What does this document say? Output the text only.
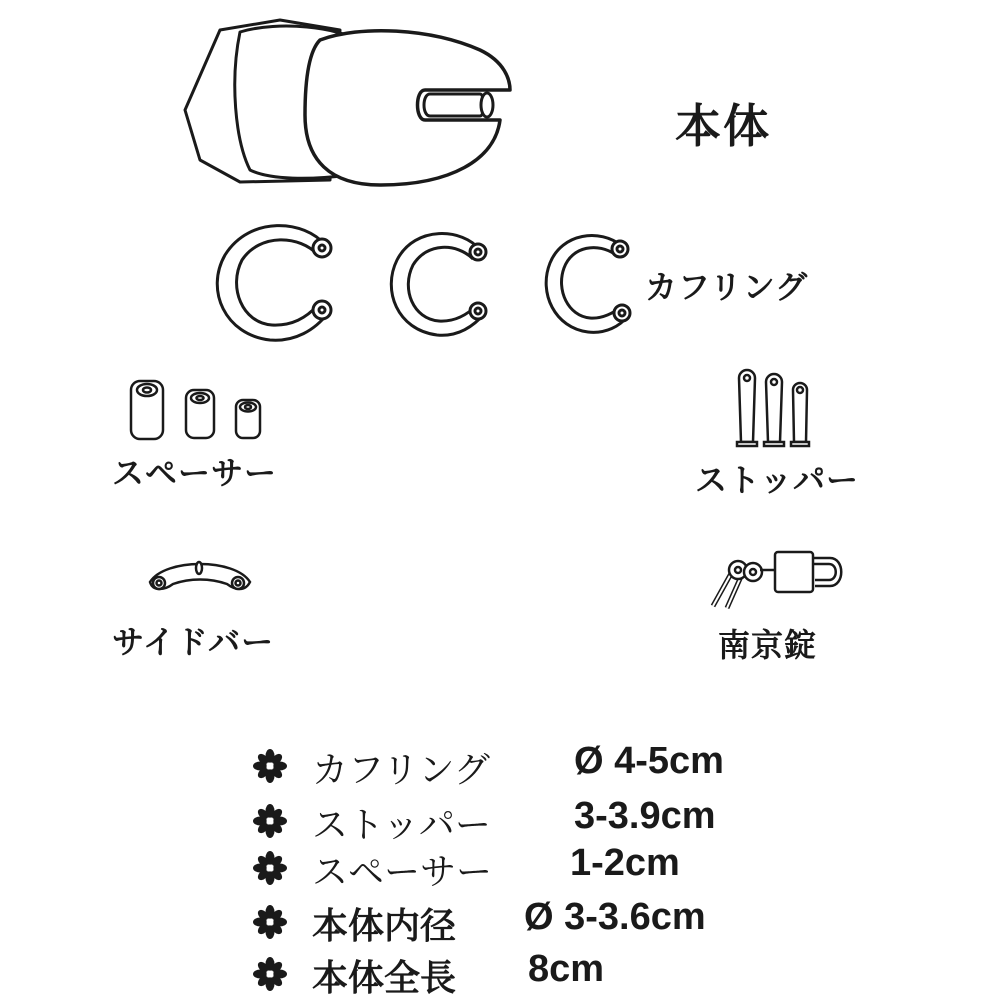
本体
カフリング
スペーサー	ストッパー
サイドバー	南京錠
カフリング Ø 4-5cm
ストッパー 3-3.9cm
スペーサー 1-2cm
本体内径 Ø 3-3.6cm
本体全長 8cm
